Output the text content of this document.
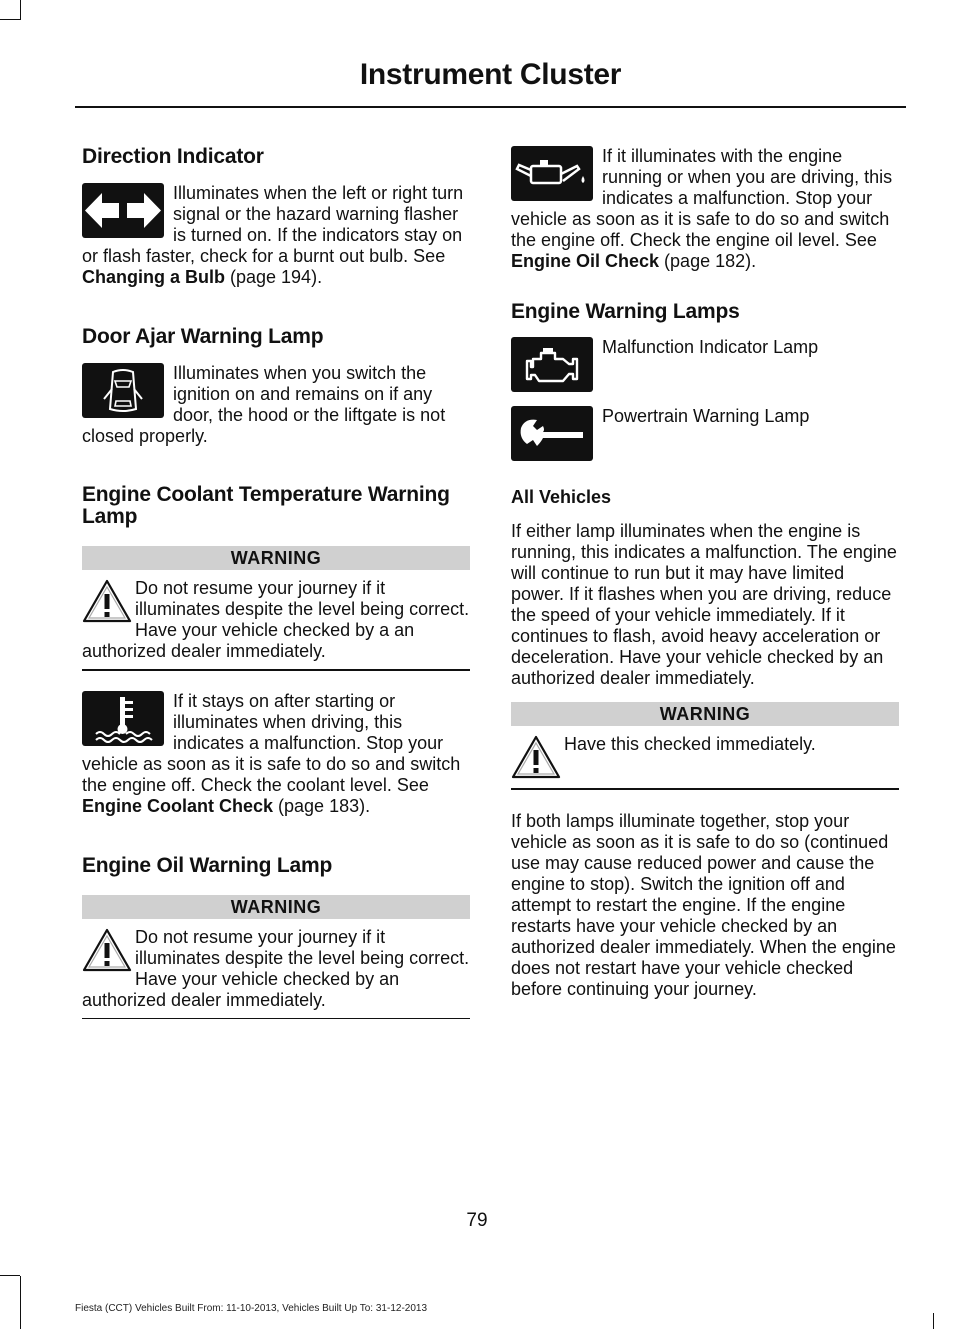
Instrument Cluster
Direction Indicator

Illuminates when the left or right turn signal or the hazard warning flasher is turned on. If the indicators stay on or flash faster, check for a burnt out bulb. See Changing a Bulb (page 194).

Door Ajar Warning Lamp

Illuminates when you switch the ignition on and remains on if any door, the hood or the liftgate is not closed properly.

Engine Coolant Temperature Warning Lamp
WARNING

Do not resume your journey if it illuminates despite the level being correct. Have your vehicle checked by a an authorized dealer immediately.

If it stays on after starting or illuminates when driving, this indicates a malfunction. Stop your vehicle as soon as it is safe to do so and switch the engine off. Check the coolant level. See Engine Coolant Check (page 183).

Engine Oil Warning Lamp
WARNING

Do not resume your journey if it illuminates despite the level being correct. Have your vehicle checked by an authorized dealer immediately.

If it illuminates with the engine running or when you are driving, this indicates a malfunction. Stop your vehicle as soon as it is safe to do so and switch the engine off. Check the engine oil level. See Engine Oil Check (page 182).

Engine Warning Lamps

Malfunction Indicator Lamp

Powertrain Warning Lamp

All Vehicles

If either lamp illuminates when the engine is running, this indicates a malfunction. The engine will continue to run but it may have limited power. If it flashes when you are driving, reduce the speed of your vehicle immediately. If it continues to flash, avoid heavy acceleration or deceleration. Have your vehicle checked by an authorized dealer immediately.

WARNING

Have this checked immediately.

If both lamps illuminate together, stop your vehicle as soon as it is safe to do so (continued use may cause reduced power and cause the engine to stop). Switch the ignition off and attempt to restart the engine. If the engine restarts have your vehicle checked by an authorized dealer immediately. When the engine does not restart have your vehicle checked before continuing your journey.

79
Fiesta (CCT) Vehicles Built From: 11-10-2013, Vehicles Built Up To: 31-12-2013
